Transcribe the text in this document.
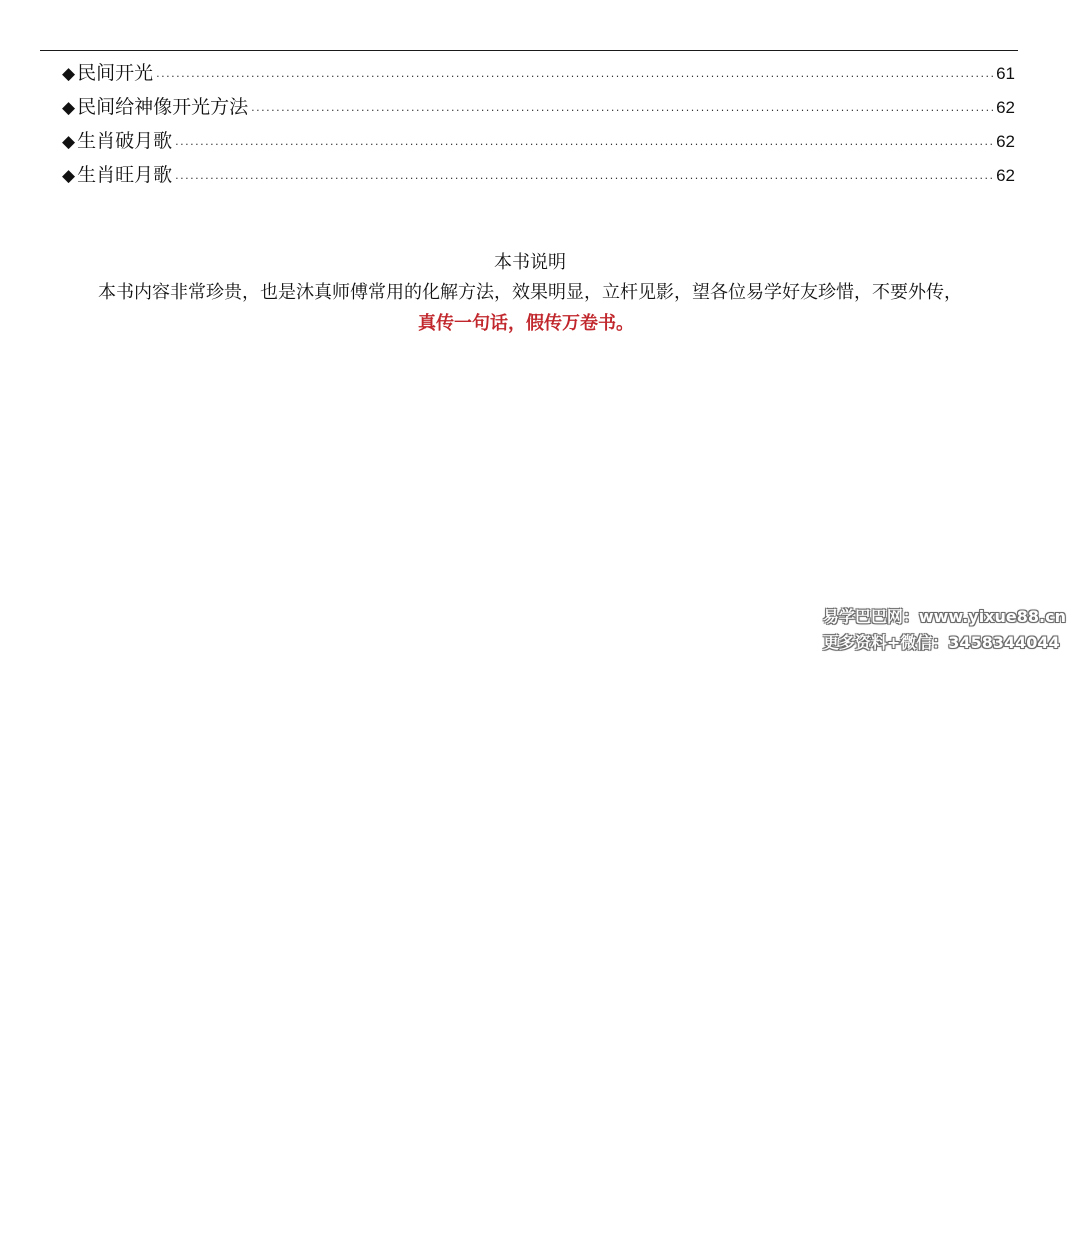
◆ 民间开光 .....	61
◆ 民间给神像开光方法 .....	62
◆ 生肖破月歌 .....	62
◆ 生肖旺月歌 .....	62
本书说明
本书内容非常珍贵，也是沐真师傅常用的化解方法，效果明显，立杆见影，望各位易学好友珍惜，不要外传，
真传一句话，假传万卷书。
易学巴巴网：www.yixue88.cn
更多资料+微信：3458344044
